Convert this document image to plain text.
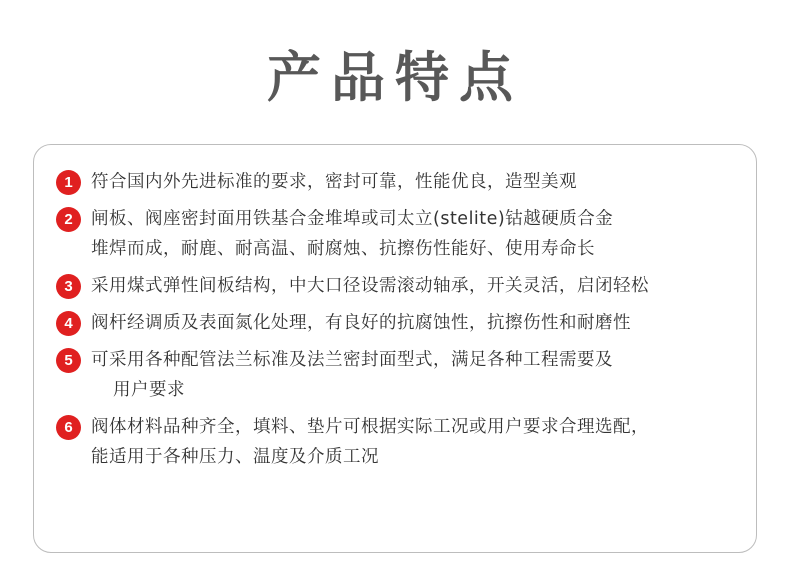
产品特点
1	符合国内外先进标准的要求，密封可靠，性能优良，造型美观
2	闸板、阀座密封面用铁基合金堆埠或司太立(stelite)钴越硬质合金
堆焊而成，耐鹿、耐高温、耐腐烛、抗擦伤性能好、使用寿命长
3	采用煤式弹性间板结构，中大口径设需滚动轴承，开关灵活，启闭轻松
4	阀杆经调质及表面氮化处理，有良好的抗腐蚀性，抗擦伤性和耐磨性
5	可采用各种配管法兰标准及法兰密封面型式，满足各种工程需要及
用户要求
6	阀体材料品种齐全，填料、垫片可根据实际工况或用户要求合理选配，
能适用于各种压力、温度及介质工况
